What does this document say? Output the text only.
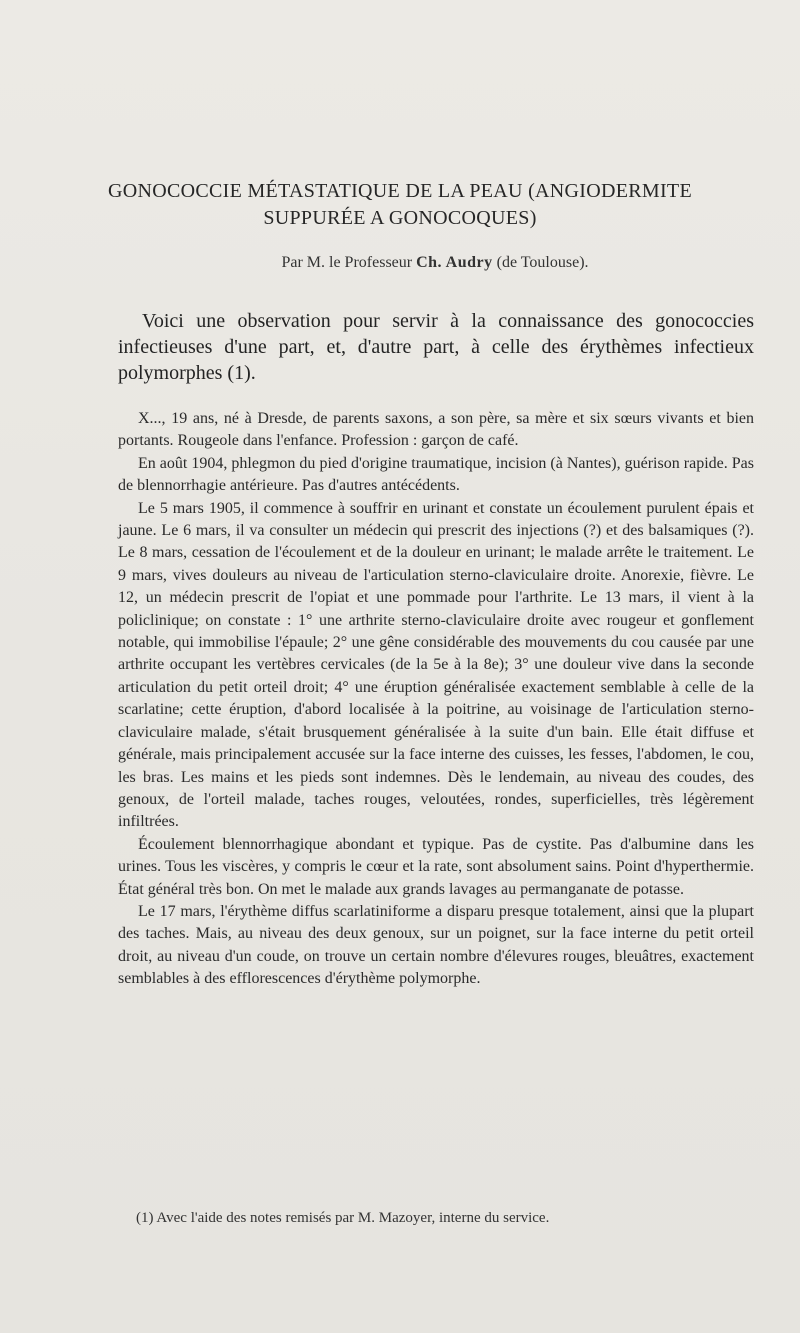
GONOCOCCIE MÉTASTATIQUE DE LA PEAU (ANGIODERMITE
SUPPURÉE A GONOCOQUES)
Par M. le Professeur Ch. Audry (de Toulouse).
Voici une observation pour servir à la connaissance des gonococcies infectieuses d'une part, et, d'autre part, à celle des érythèmes infectieux polymorphes (1).

X..., 19 ans, né à Dresde, de parents saxons, a son père, sa mère et six sœurs vivants et bien portants. Rougeole dans l'enfance. Profession : garçon de café.

En août 1904, phlegmon du pied d'origine traumatique, incision (à Nantes), guérison rapide. Pas de blennorrhagie antérieure. Pas d'autres antécédents.

Le 5 mars 1905, il commence à souffrir en urinant et constate un écoulement purulent épais et jaune. Le 6 mars, il va consulter un médecin qui prescrit des injections (?) et des balsamiques (?). Le 8 mars, cessation de l'écoulement et de la douleur en urinant; le malade arrête le traitement. Le 9 mars, vives douleurs au niveau de l'articulation sterno-claviculaire droite. Anorexie, fièvre. Le 12, un médecin prescrit de l'opiat et une pommade pour l'arthrite. Le 13 mars, il vient à la policlinique; on constate : 1° une arthrite sterno-claviculaire droite avec rougeur et gonflement notable, qui immobilise l'épaule; 2° une gêne considérable des mouvements du cou causée par une arthrite occupant les vertèbres cervicales (de la 5e à la 8e); 3° une douleur vive dans la seconde articulation du petit orteil droit; 4° une éruption généralisée exactement semblable à celle de la scarlatine; cette éruption, d'abord localisée à la poitrine, au voisinage de l'articulation sterno-claviculaire malade, s'était brusquement généralisée à la suite d'un bain. Elle était diffuse et générale, mais principalement accusée sur la face interne des cuisses, les fesses, l'abdomen, le cou, les bras. Les mains et les pieds sont indemnes. Dès le lendemain, au niveau des coudes, des genoux, de l'orteil malade, taches rouges, veloutées, rondes, superficielles, très légèrement infiltrées.

Écoulement blennorrhagique abondant et typique. Pas de cystite. Pas d'albumine dans les urines. Tous les viscères, y compris le cœur et la rate, sont absolument sains. Point d'hyperthermie. État général très bon. On met le malade aux grands lavages au permanganate de potasse.

Le 17 mars, l'érythème diffus scarlatiniforme a disparu presque totalement, ainsi que la plupart des taches. Mais, au niveau des deux genoux, sur un poignet, sur la face interne du petit orteil droit, au niveau d'un coude, on trouve un certain nombre d'élevures rouges, bleuâtres, exactement semblables à des efflorescences d'érythème polymorphe.

(1) Avec l'aide des notes remisés par M. Mazoyer, interne du service.
